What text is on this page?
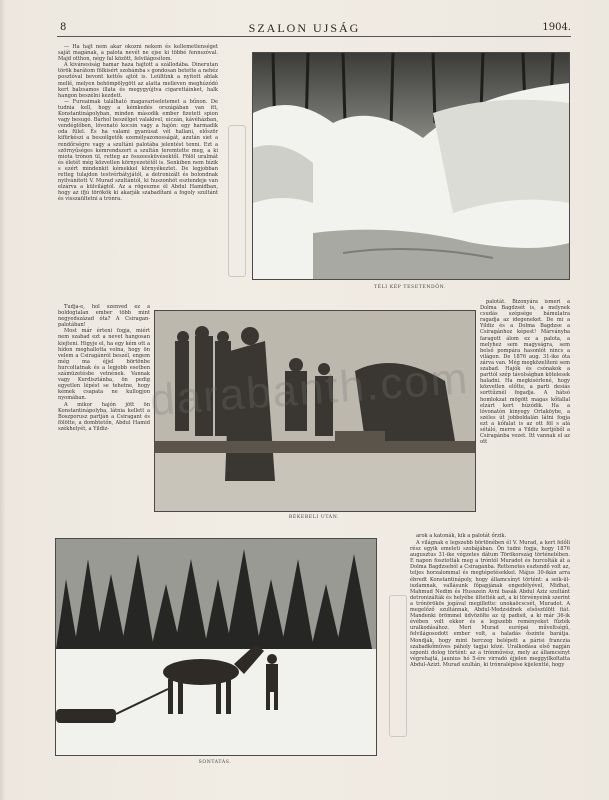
8	SZALON UJSÁG	1904.

— Ha hajt nem akar okozni nekem és kellemetlenséget saját magának, a palota nevét ne ejse ki többé fennszóval. Majd otthon, négy fal között, felvilágosítom.

A kivánesiság hamar haza hajtott a szállodába. Dinerutan török barátom fölkisért szobámba s gondosan betette a nehéz posztóval bevont kettős ajtót is. Leültünk a nyitott ablak mellé, melyen behömpölygött az alatta melleven meghúzódó kert balzsamos illata és megygyújtva cigarettáinket, halk hangon beszélni kezdett.

— Fureaimak található magavariseletemet a bűnon. De tudnia kell, hogy a kémkedés országában van itt, Konstantinápolyban, minden második ember fizetett spion vagy besugó. Bárhol beszélget valakivel, uiczán, kávéházban, vendéglőben, lóvonató kocsin vagy a hajón: egy harmadik oda fülel. És ha valami gyanúsat vél hallani, először kifürkészi a beszélgetők személyazonosságát, azután siet a rendőrségre vagy a szultáni palotába jelentést tenni. Ezt a szörnyűséges kémrendszert a szultán teremtette meg, a ki miota trónon ül, retteg az összeesküvésektől. Fölöl uralmát és életét még közvetlen környezetétől is. Senkiben nem bízik s ezért mindenkit kémekkel környékeztet. De legjobban retteg tulajdon testvérbátyjától, a detronizált és bolondnak nyilvánított V. Murad szultántól, ki huszonhét esztendeje van elzárva a külvilágtól. Az a rögeszme él Abdul Hamidban, hogy az ifjú törökök ki akarják szabadítani a fogoly szultánt és visszaültetni a trónra.

TÉLI KÉP TESETENDŐN.

Tudja-e, hol szenved ez a boldogtalan ember több mint negyedszázad óta? A Csiragan-palotában!

Most már érteni fogja, miért nem szabad ezt a nevet hangosan kiejteni. Higyje el, ha egy kém ott a hídon meghallotta volna, hogy ön velem a Csiragánról beszél, engem még ma éjjel börtönbe hurcoltatnak és a legjobb esetben számüzetésbe vetnének. Vannak vagy Kurdisztánba, ön pedig egyetlen lépést se tehetne, hogy kémek csapata ne kullogjon nyomában.

A mikor hajón jött ön Konstantinápolyba, látnia kellett a Boszporusz partján a Csiragant és fölötte, a dombtetőn, Abdul Hamid székhelyét, a Yildiz-

BÉKEBELI UTÁN.

palotát. Bizonyára ismeri a Dolma Bagdzsét is, a melynek csudás szépsége bámulatra ragadja az idegeneket. De mi a Yildiz és a Dolma Bagdzse a Csiragánhoz képest! Márványba faragott álom ez a palota, a melyhez sem magyságra, sem belső pompára hasonlót nincs a világon. De 1876 aug. 31-ike óta zárva van. Még megközelíteni sem szabad. Hajók és csónakok a parttól szép távolságban kötelesek haladni. Ha megkisérlené, hogy közvetlen előtte, a parti desiás sorttűznél fogadja. A hátsó homlokzat mögött magas kőfallal elzárt kert húzódik. Ha a lóvonatón kinyegy Ortaköybe, a széles út jobboldalán látni fogja ezt a kőfalat is az ott föl s alá sétáló, merre a Yildiz kertjéből a Csiragánba vezet. Itt vannak el az ott

arok a katonák, kik a palotát őrzik.

SONTATÁS.

A világnak e legszebb börtönében él V. Murad, a kert felőli rész egyik emeleti szobájában. Ön tudni fogja, hogy 1876 augusztus 31-ike végzetes dátum Törökország történetében. E napon fosztották meg a tróntól Muradot és hurcolták át a Dolma Bagdzseból a Csiragánba. Rettenetes esztendő volt az, teljes horzalommal és megtépetésekkel. Május 30-ikán arra ébredt Konstantinápoly, hogy államcsínyt történt: a seik-ül-iszlamnak, vallásunk főpapjának engedélyével, Midhat, Mahmud Nedim és Husszein Avni basák Abdul Aziz szultánt detronizálták és helyébe ültették azt, a ki törvényeink szerint a trónörökös jogával megillette: unokaöcscsét, Muradot. A megelőző szultánnak, Abdul-Medzsidnek elsőszülött fiát. Mandenki örömmel üdvözölte az új padisit, a ki már 36-ik évében volt ekkor és a legszebb reményeket fűzték uralkodásához. Meri Murad európai műveltségű, felvilágosodott ember volt, a haladás őszinte barátja. Mondják, hogy mint herczeg belépett a párisi franczia szabadkőműves páholy tagjai közé. Uralkodása első napján szponti dolog történt: az a trónművész, mely az államcsínyt végrehajtá, jaunius hó 5-ére virradó éjjelen meggyilkoltatta Abdul-Azizt. Murad szultán, ki trónralépése kijelentté, hogy

darabanth.com
